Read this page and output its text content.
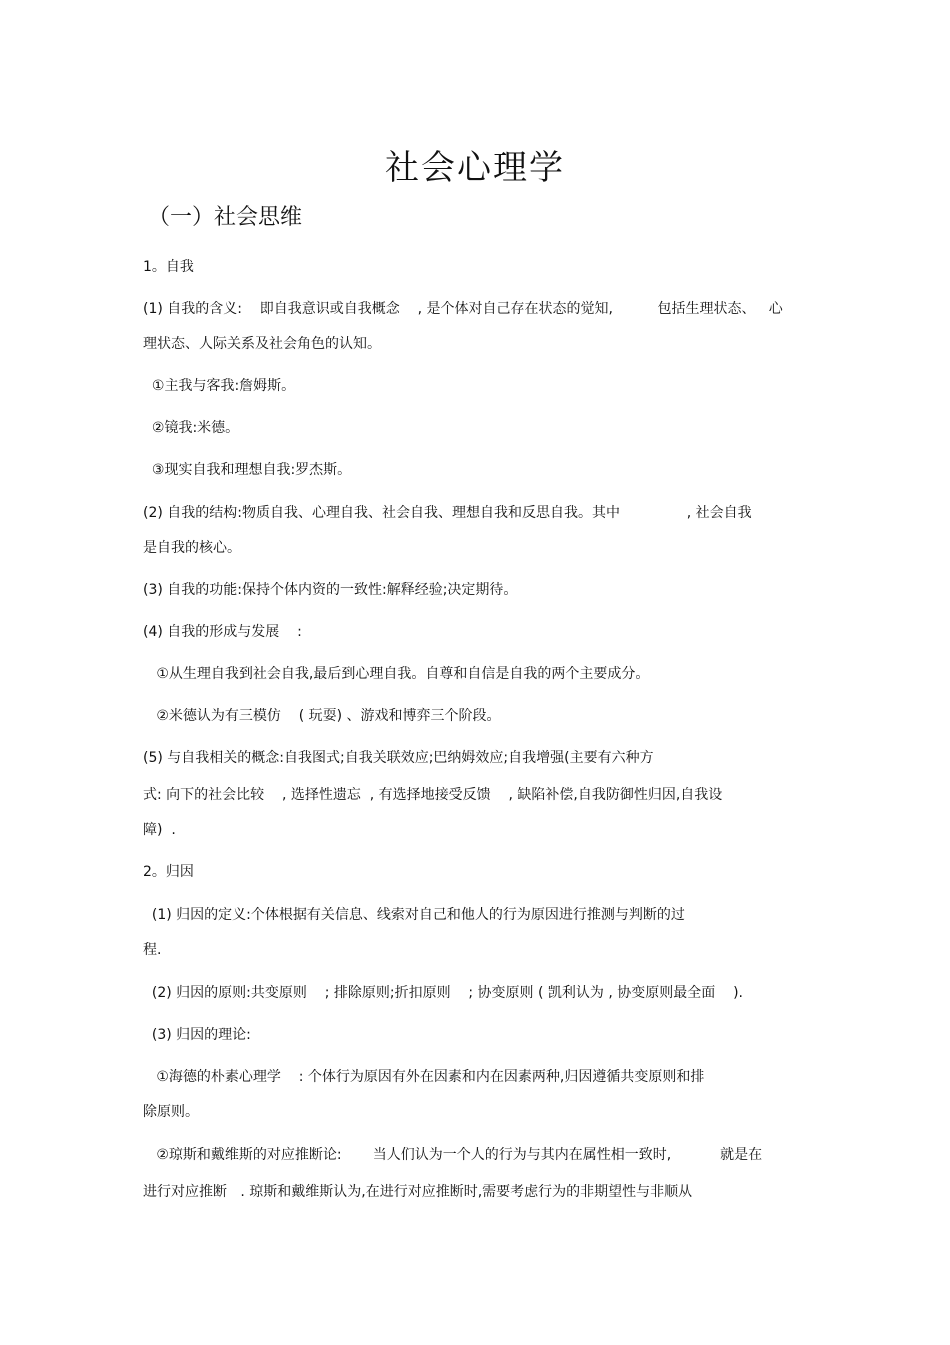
社会心理学
（一）社会思维
1。自我
(1) 自我的含义:    即自我意识或自我概念    , 是个体对自己存在状态的觉知,          包括生理状态、   心
理状态、人际关系及社会角色的认知。
①主我与客我:詹姆斯。
②镜我:米德。
③现实自我和理想自我:罗杰斯。
(2) 自我的结构:物质自我、心理自我、社会自我、理想自我和反思自我。其中               , 社会自我
是自我的核心。
(3) 自我的功能:保持个体内资的一致性:解释经验;决定期待。
(4) 自我的形成与发展    :
①从生理自我到社会自我,最后到心理自我。自尊和自信是自我的两个主要成分。
②米德认为有三模仿    ( 玩耍) 、游戏和博弈三个阶段。
(5) 与自我相关的概念:自我图式;自我关联效应;巴纳姆效应;自我增强(主要有六种方
式: 向下的社会比较    , 选择性遗忘  , 有选择地接受反馈    , 缺陷补偿,自我防御性归因,自我设
障)  .
2。归因
(1) 归因的定义:个体根据有关信息、线索对自己和他人的行为原因进行推测与判断的过
程.
(2) 归因的原则:共变原则    ; 排除原则;折扣原则    ; 协变原则 ( 凯利认为 , 协变原则最全面    ).
(3) 归因的理论:
①海德的朴素心理学    : 个体行为原因有外在因素和内在因素两种,归因遵循共变原则和排
除原则。
②琼斯和戴维斯的对应推断论:       当人们认为一个人的行为与其内在属性相一致时,           就是在
进行对应推断   . 琼斯和戴维斯认为,在进行对应推断时,需要考虑行为的非期望性与非顺从
